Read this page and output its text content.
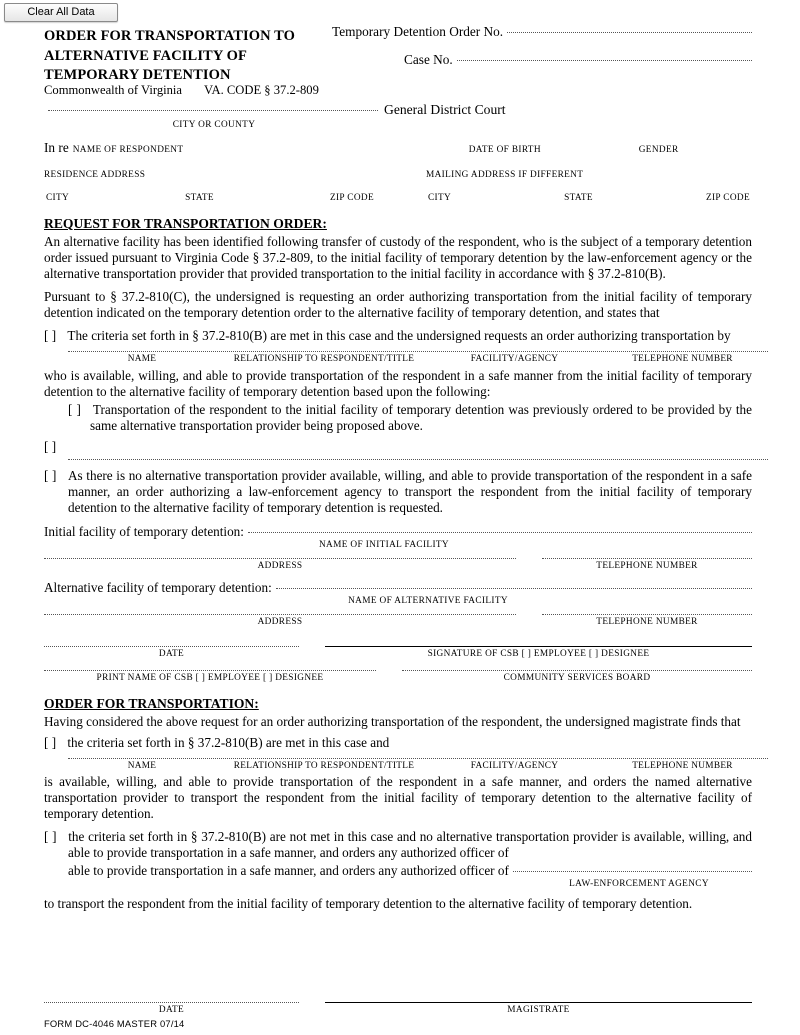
Clear All Data
ORDER FOR TRANSPORTATION TO
ALTERNATIVE FACILITY OF
TEMPORARY DETENTION
Commonwealth of Virginia VA. CODE § 37.2-809
Temporary Detention Order No.
Case No.
General District Court
CITY OR COUNTY
In re NAME OF RESPONDENT	DATE OF BIRTH	GENDER
RESIDENCE ADDRESS	MAILING ADDRESS IF DIFFERENT
CITY	STATE	ZIP CODE	CITY	STATE	ZIP CODE
REQUEST FOR TRANSPORTATION ORDER:

An alternative facility has been identified following transfer of custody of the respondent, who is the subject of a temporary detention order issued pursuant to Virginia Code § 37.2-809, to the initial facility of temporary detention by the law-enforcement agency or the alternative transportation provider that provided transportation to the initial facility in accordance with § 37.2-810(B).

Pursuant to § 37.2-810(C), the undersigned is requesting an order authorizing transportation from the initial facility of temporary detention indicated on the temporary detention order to the alternative facility of temporary detention, and states that

[ ] The criteria set forth in § 37.2-810(B) are met in this case and the undersigned requests an order authorizing transportation by

NAME	RELATIONSHIP TO RESPONDENT/TITLE	FACILITY/AGENCY	TELEPHONE NUMBER

who is available, willing, and able to provide transportation of the respondent in a safe manner from the initial facility of temporary detention to the alternative facility of temporary detention based upon the following:

[ ] Transportation of the respondent to the initial facility of temporary detention was previously ordered to be provided by the same alternative transportation provider being proposed above.

[ ]

[ ] As there is no alternative transportation provider available, willing, and able to provide transportation of the respondent in a safe manner, an order authorizing a law-enforcement agency to transport the respondent from the initial facility of temporary detention to the alternative facility of temporary detention is requested.

Initial facility of temporary detention:
NAME OF INITIAL FACILITY
ADDRESS	TELEPHONE NUMBER
Alternative facility of temporary detention:
NAME OF ALTERNATIVE FACILITY
ADDRESS	TELEPHONE NUMBER
DATE	SIGNATURE OF CSB [ ] EMPLOYEE [ ] DESIGNEE
PRINT NAME OF CSB [ ] EMPLOYEE [ ] DESIGNEE	COMMUNITY SERVICES BOARD
ORDER FOR TRANSPORTATION:

Having considered the above request for an order authorizing transportation of the respondent, the undersigned magistrate finds that

[ ] the criteria set forth in § 37.2-810(B) are met in this case and

NAME	RELATIONSHIP TO RESPONDENT/TITLE	FACILITY/AGENCY	TELEPHONE NUMBER

is available, willing, and able to provide transportation of the respondent in a safe manner, and orders the named alternative transportation provider to transport the respondent from the initial facility of temporary detention to the alternative facility of temporary detention.

[ ] the criteria set forth in § 37.2-810(B) are not met in this case and no alternative transportation provider is available, willing, and able to provide transportation in a safe manner, and orders any authorized officer of

able to provide transportation in a safe manner, and orders any authorized officer of
LAW-ENFORCEMENT AGENCY

to transport the respondent from the initial facility of temporary detention to the alternative facility of temporary detention.

DATE	MAGISTRATE
FORM DC-4046 MASTER 07/14
